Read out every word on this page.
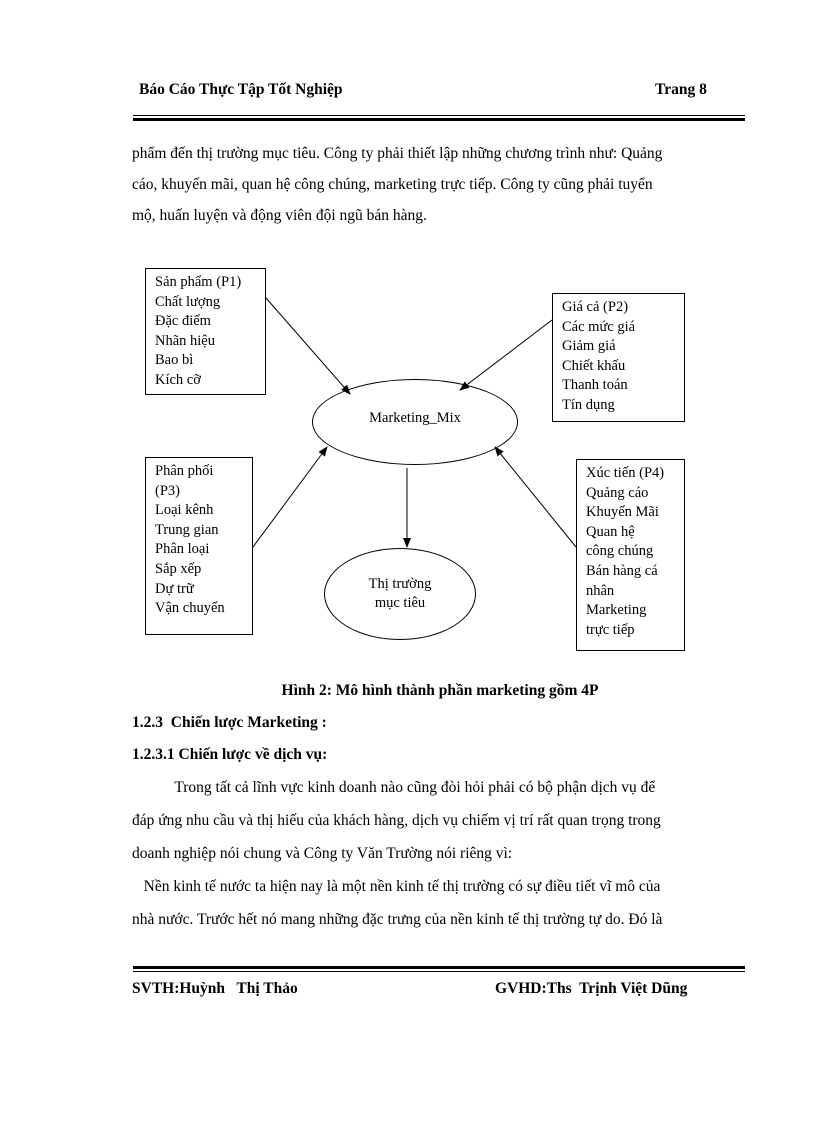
Báo Cáo Thực Tập Tốt Nghiệp	Trang 8

phẩm đến thị trường mục tiêu. Công ty phải thiết lập những chương trình như: Quảng

cáo, khuyến mãi, quan hệ công chúng, marketing trực tiếp. Công ty cũng phải tuyển

mộ, huấn luyện và động viên đội ngũ bán hàng.

Sản phẩm (P1)
Chất lượng
Đặc điểm
Nhãn hiệu
Bao bì
Kích cỡ
Giá cả (P2)
Các mức giá
Giảm giá
Chiết khấu
Thanh toán
Tín dụng
Marketing_Mix
Phân phối
(P3)
Loại kênh
Trung gian
Phân loại
Sắp xếp
Dự trữ
Vận chuyển
Xúc tiến (P4)
Quảng cáo
Khuyến Mãi
Quan hệ
công chúng
Bán hàng cá
nhân
Marketing
trực tiếp
Thị trường
mục tiêu
Hình 2: Mô hình thành phần marketing gồm 4P
1.2.3  Chiến lược Marketing :
1.2.3.1 Chiến lược về dịch vụ:

Trong tất cả lĩnh vực kinh doanh nào cũng đòi hỏi phải có bộ phận dịch vụ để

đáp ứng nhu cầu và thị hiếu của khách hàng, dịch vụ chiếm vị trí rất quan trọng trong

doanh nghiệp nói chung và Công ty Văn Trường nói riêng vì:

Nền kinh tế nước ta hiện nay là một nền kinh tế thị trường có sự điều tiết vĩ mô của

nhà nước. Trước hết nó mang những đặc trưng của nền kinh tế thị trường tự do. Đó là

SVTH:Huỳnh   Thị Thảo	GVHD:Ths  Trịnh Việt Dũng
